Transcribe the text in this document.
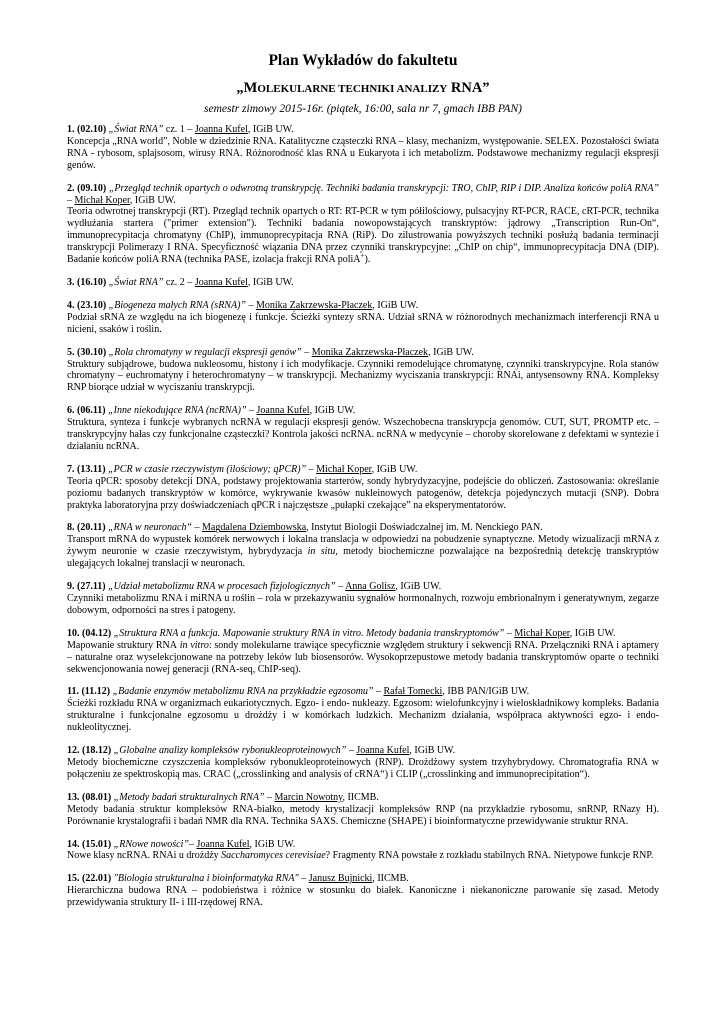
Plan Wykładów do fakultetu
„MOLEKULARNE TECHNIKI ANALIZY RNA”
semestr zimowy 2015-16r. (piątek, 16:00, sala nr 7, gmach IBB PAN)
1. (02.10) „Świat RNA” cz. 1 – Joanna Kufel, IGiB UW.
Koncepcja „RNA world”, Noble w dziedzinie RNA. Katalityczne cząsteczki RNA – klasy, mechanizm, występowanie. SELEX. Pozostałości świata RNA - rybosom, splajsosom, wirusy RNA. Różnorodność klas RNA u Eukaryota i ich metabolizm. Podstawowe mechanizmy regulacji ekspresji genów.
2. (09.10) „Przegląd technik opartych o odwrotną transkrypcję. Techniki badania transkrypcji: TRO, ChIP, RIP i DIP. Analiza końców poliA RNA” – Michał Koper, IGiB UW.
Teoria odwrotnej transkrypcji (RT). Przegląd technik opartych o RT: RT-PCR w tym półilościowy, pulsacyjny RT-PCR, RACE, cRT-PCR, technika wydłużania startera ("primer extension"). Techniki badania nowopowstających transkryptów: jądrowy „Transcription Run-On“, immunoprecypitacja chromatyny (ChIP), immunoprecypitacja RNA (RiP). Do zilustrowania powyższych techniki posłużą badania terminacji transkrypcji Polimerazy I RNA. Specyficzność wiązania DNA przez czynniki transkrypcyjne: „ChIP on chip“, immunoprecypitacja DNA (DIP). Badanie końców poliA RNA (technika PASE, izolacja frakcji RNA poliA+).
3. (16.10) „Świat RNA” cz. 2 – Joanna Kufel, IGiB UW.
4. (23.10) „Biogeneza małych RNA (sRNA)” – Monika Zakrzewska-Płaczek, IGiB UW.
Podział sRNA ze względu na ich biogenezę i funkcje. Ścieżki syntezy sRNA. Udział sRNA w różnorodnych mechanizmach interferencji RNA u nicieni, ssaków i roślin.
5. (30.10) „Rola chromatyny w regulacji ekspresji genów” – Monika Zakrzewska-Płaczek, IGiB UW.
Struktury subjądrowe, budowa nukleosomu, histony i ich modyfikacje. Czynniki remodelujące chromatynę, czynniki transkrypcyjne. Rola stanów chromatyny – euchromatyny i heterochromatyny – w transkrypcji. Mechanizmy wyciszania transkrypcji: RNAi, antysensowny RNA. Kompleksy RNP biorące udział w wyciszaniu transkrypcji.
6. (06.11) „Inne niekodujące RNA (ncRNA)” – Joanna Kufel, IGiB UW.
Struktura, synteza i funkcje wybranych ncRNA w regulacji ekspresji genów. Wszechobecna transkrypcja genomów. CUT, SUT, PROMTP etc. – transkrypcyjny hałas czy funkcjonalne cząsteczki? Kontrola jakości ncRNA. ncRNA w medycynie – choroby skorelowane z defektami w syntezie i działaniu ncRNA.
7. (13.11) „PCR w czasie rzeczywistym (ilościowy; qPCR)” – Michał Koper, IGiB UW.
Teoria qPCR: sposoby detekcji DNA, podstawy projektowania starterów, sondy hybrydyzacyjne, podejście do obliczeń. Zastosowania: określanie poziomu badanych transkryptów w komórce, wykrywanie kwasów nukleinowych patogenów, detekcja pojedynczych mutacji (SNP). Dobra praktyka laboratoryjna przy doświadczeniach qPCR i najczęstsze „pułapki czekające” na eksperymentatorów.
8. (20.11) „RNA w neuronach“ – Magdalena Dziembowska, Instytut Biologii Doświadczalnej im. M. Nenckiego PAN.
Transport mRNA do wypustek komórek nerwowych i lokalna translacja w odpowiedzi na pobudzenie synaptyczne. Metody wizualizacji mRNA z żywym neuronie w czasie rzeczywistym, hybrydyzacja in situ, metody biochemiczne pozwalające na bezpośrednią detekcję transkryptów ulegających lokalnej translacji w neuronach.
9. (27.11) „Udział metabolizmu RNA w procesach fizjologicznych” – Anna Golisz, IGiB UW.
Czynniki metabolizmu RNA i miRNA u roślin – rola w przekazywaniu sygnałów hormonalnych, rozwoju embrionalnym i generatywnym, zegarze dobowym, odporności na stres i patogeny.
10. (04.12) „Struktura RNA a funkcja. Mapowanie struktury RNA in vitro. Metody badania transkryptomów” – Michał Koper, IGiB UW.
Mapowanie struktury RNA in vitro: sondy molekularne trawiące specyficznie względem struktury i sekwencji RNA. Przełączniki RNA i aptamery – naturalne oraz wyselekcjonowane na potrzeby leków lub biosensorów. Wysokoprzepustowe metody badania transkryptomów oparte o techniki sekwencjonowania nowej generacji (RNA-seq, ChIP-seq).
11. (11.12) „Badanie enzymów metabolizmu RNA na przykładzie egzosomu” – Rafał Tomecki, IBB PAN/IGiB UW.
Ścieżki rozkładu RNA w organizmach eukariotycznych. Egzo- i endo- nukleazy. Egzosom: wielofunkcyjny i wieloskładnikowy kompleks. Badania strukturalne i funkcjonalne egzosomu u drożdży i w komórkach ludzkich. Mechanizm działania, współpraca aktywności egzo- i endo-nukleolitycznej.
12. (18.12) „Globalne analizy kompleksów rybonukleoproteinowych” – Joanna Kufel, IGiB UW.
Metody biochemiczne czyszczenia kompleksów rybonukleoproteinowych (RNP). Drożdżowy system trzyhybrydowy. Chromatografia RNA w połączeniu ze spektroskopią mas. CRAC („crosslinking and analysis of cRNA“) i CLIP („crosslinking and immunoprecipitation“).
13. (08.01) „Metody badań strukturalnych RNA” – Marcin Nowotny, IICMB.
Metody badania struktur kompleksów RNA-białko, metody krystalizacji kompleksów RNP (na przykładzie rybosomu, snRNP, RNazy H). Porównanie krystalografii i badań NMR dla RNA. Technika SAXS. Chemiczne (SHAPE) i bioinformatyczne przewidywanie struktur RNA.
14. (15.01) „RNowe nowości”– Joanna Kufel, IGiB UW.
Nowe klasy ncRNA. RNAi u drożdży Saccharomyces cerevisiae? Fragmenty RNA powstałe z rozkładu stabilnych RNA. Nietypowe funkcje RNP.
15. (22.01) "Biologia strukturalna i bioinformatyka RNA" – Janusz Bujnicki, IICMB.
Hierarchiczna budowa RNA – podobieństwa i różnice w stosunku do białek. Kanoniczne i niekanoniczne parowanie się zasad. Metody przewidywania struktury II- i III-rzędowej RNA.
